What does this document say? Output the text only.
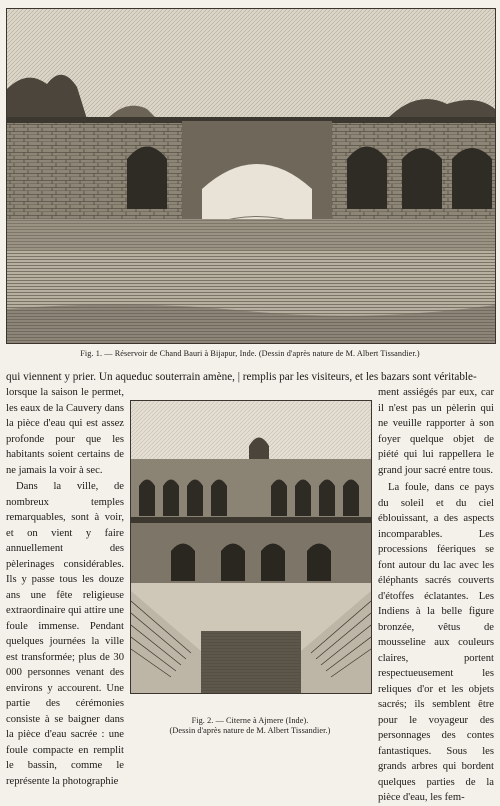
Fig. 1. — Réservoir de Chand Bauri à Bijapur, Inde. (Dessin d'après nature de M. Albert Tissandier.)

qui viennent y prier. Un aqueduc souterrain amène, | remplis par les visiteurs, et les bazars sont véritable-

lorsque la saison le permet, les eaux de la Cauvery dans la pièce d'eau qui est assez profonde pour que les habitants soient certains de ne jamais la voir à sec.

Dans la ville, de nombreux temples remarquables, sont à voir, et on vient y faire annuellement des pèlerinages considérables. Ils y passe tous les douze ans une fête religieuse extraordinaire qui attire une foule immense. Pendant quelques journées la ville est transformée; plus de 30 000 personnes venant des environs y accourent. Une partie des cérémonies consiste à se baigner dans la pièce d'eau sacrée : une foule compacte en remplit le bassin, comme le représente la photographie

Fig. 2. — Citerne à Ajmere (Inde).
(Dessin d'après nature de M. Albert Tissandier.)

ment assiégés par eux, car il n'est pas un pèlerin qui ne veuille rapporter à son foyer quelque objet de piété qui lui rappellera le grand jour sacré entre tous.

La foule, dans ce pays du soleil et du ciel éblouissant, a des aspects incomparables. Les processions féeriques se font autour du lac avec les éléphants sacrés couverts d'étoffes éclatantes. Les Indiens à la belle figure bronzée, vêtus de mousseline aux couleurs claires, portent respectueusement les reliques d'or et les objets sacrés; ils semblent être pour le voyageur des personnages des contes fantastiques. Sous les grands arbres qui bordent quelques parties de la pièce d'eau, les fem-
